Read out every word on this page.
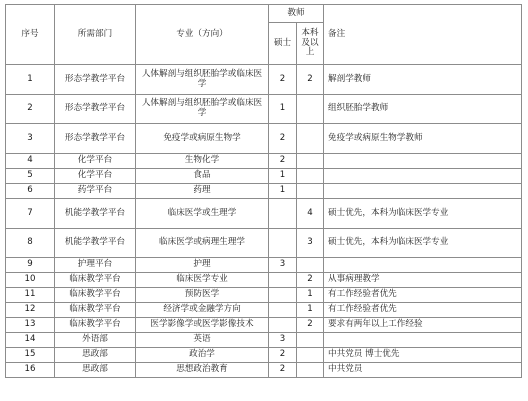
序号	所需部门	专业（方向）	教师		备注
			硕士	本科及以上	
1	形态学教学平台	人体解剖与组织胚胎学或临床医学	2	2	解剖学教师
2	形态学教学平台	人体解剖与组织胚胎学或临床医学	1		组织胚胎学教师
3	形态学教学平台	免疫学或病原生物学	2		免疫学或病原生物学教师
4	化学平台	生物化学	2		
5	化学平台	食品	1		
6	药学平台	药理	1		
7	机能学教学平台	临床医学或生理学		4	硕士优先，本科为临床医学专业
8	机能学教学平台	临床医学或病理生理学		3	硕士优先，本科为临床医学专业
9	护理平台	护理	3		
10	临床教学平台	临床医学专业		2	从事病理教学
11	临床教学平台	预防医学		1	有工作经验者优先
12	临床教学平台	经济学或金融学方向		1	有工作经验者优先
13	临床教学平台	医学影像学或医学影像技术		2	要求有两年以上工作经验
14	外语部	英语	3		
15	思政部	政治学	2		中共党员 博士优先
16	思政部	思想政治教育	2		中共党员
